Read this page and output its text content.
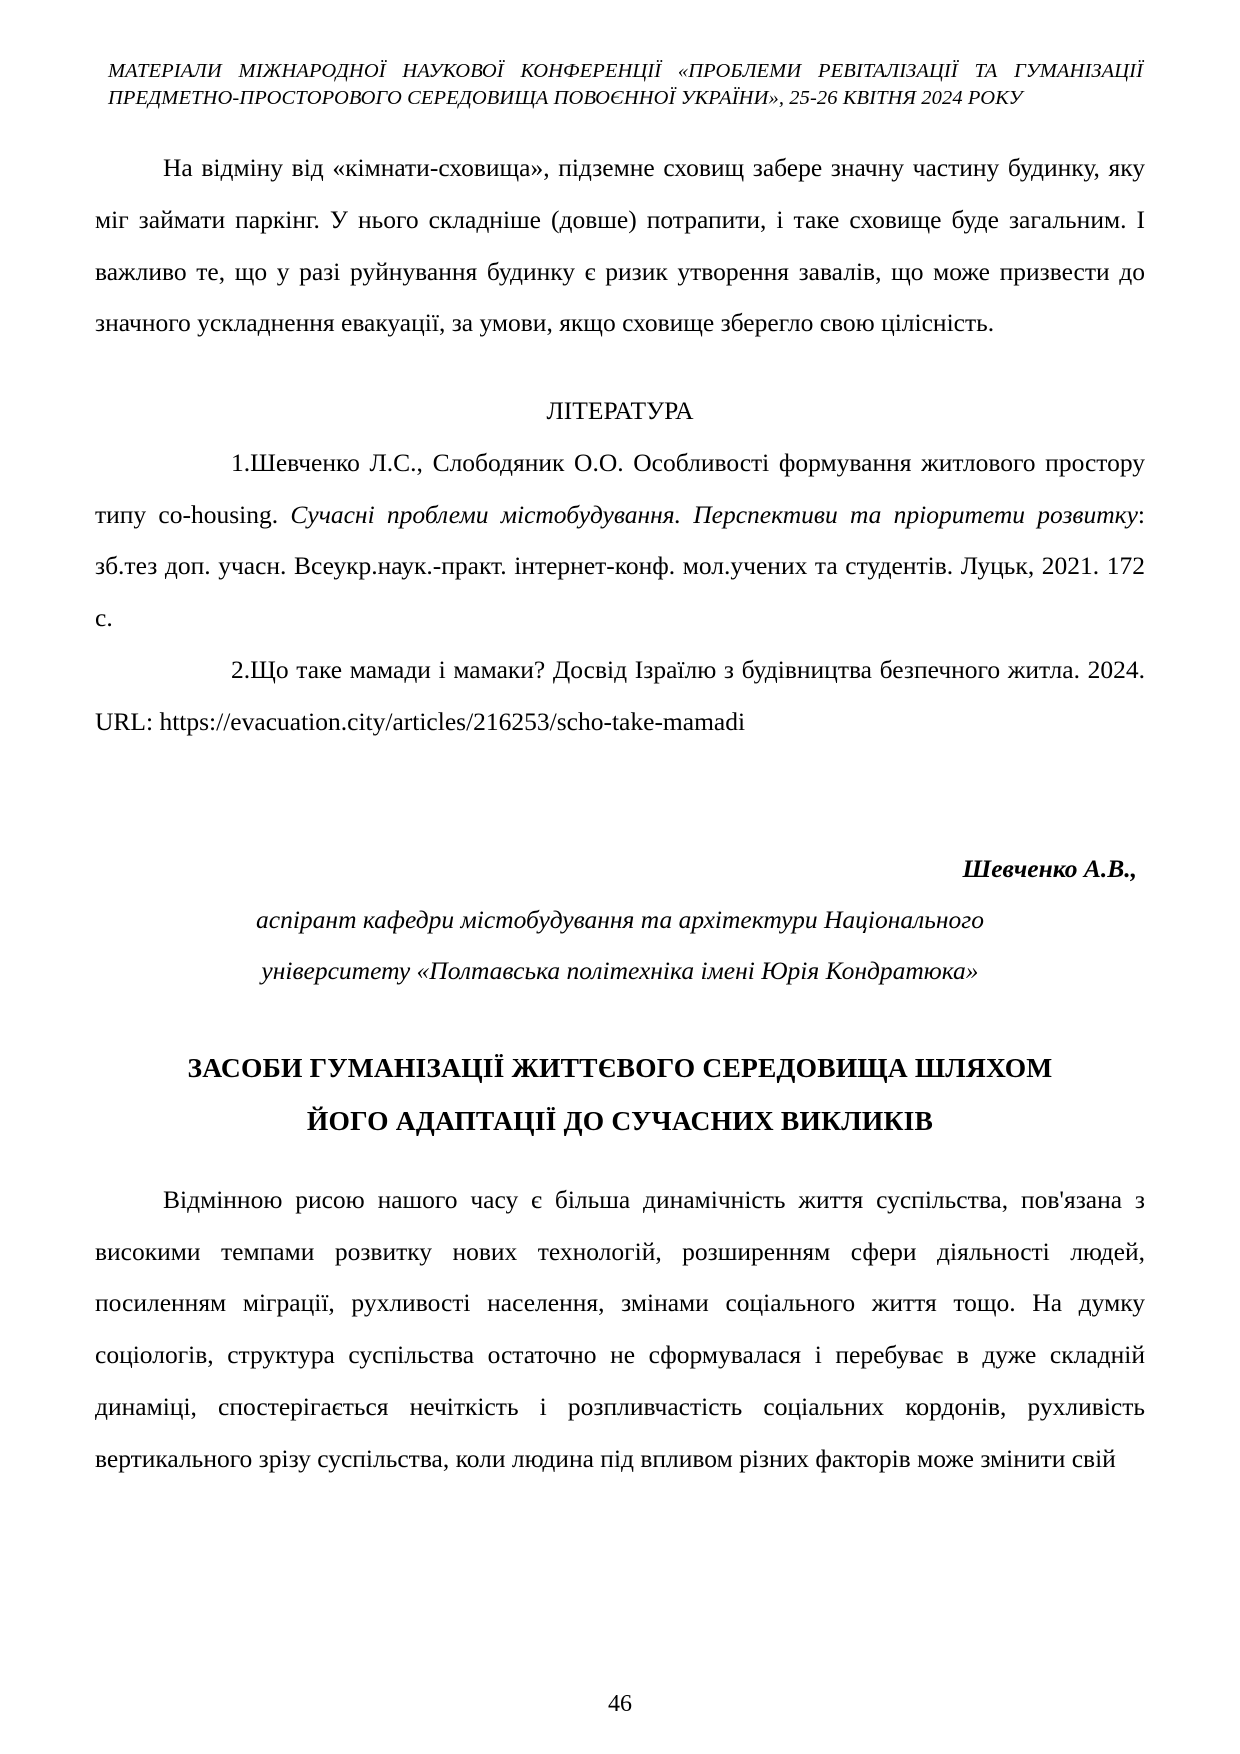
МАТЕРІАЛИ МІЖНАРОДНОЇ НАУКОВОЇ КОНФЕРЕНЦІЇ «ПРОБЛЕМИ РЕВІТАЛІЗАЦІЇ ТА ГУМАНІЗАЦІЇ ПРЕДМЕТНО-ПРОСТОРОВОГО СЕРЕДОВИЩА ПОВОЄННОЇ УКРАЇНИ», 25-26 КВІТНЯ 2024 РОКУ

На відміну від «кімнати-сховища», підземне сховищ забере значну частину будинку, яку міг займати паркінг. У нього складніше (довше) потрапити, і таке сховище буде загальним. І важливо те, що у разі руйнування будинку є ризик утворення завалів, що може призвести до значного ускладнення евакуації, за умови, якщо сховище зберегло свою цілісність.

ЛІТЕРАТУРА

1.Шевченко Л.С., Слободяник О.О. Особливості формування житлового простору типу co-housing. Сучасні проблеми містобудування. Перспективи та пріоритети розвитку: зб.тез доп. учасн. Всеукр.наук.-практ. інтернет-конф. мол.учених та студентів. Луцьк, 2021. 172 с.

2.Що таке мамади і мамаки? Досвід Ізраїлю з будівництва безпечного житла. 2024. URL: https://evacuation.city/articles/216253/scho-take-mamadi

Шевченко А.В.,

аспірант кафедри містобудування та архітектури Національного

університету «Полтавська політехніка імені Юрія Кондратюка»

ЗАСОБИ ГУМАНІЗАЦІЇ ЖИТТЄВОГО СЕРЕДОВИЩА ШЛЯХОМ

ЙОГО АДАПТАЦІЇ ДО СУЧАСНИХ ВИКЛИКІВ

Відмінною рисою нашого часу є більша динамічність життя суспільства, пов'язана з високими темпами розвитку нових технологій, розширенням сфери діяльності людей, посиленням міграції, рухливості населення, змінами соціального життя тощо. На думку соціологів, структура суспільства остаточно не сформувалася і перебуває в дуже складній динаміці, спостерігається нечіткість і розпливчастість соціальних кордонів, рухливість вертикального зрізу суспільства, коли людина під впливом різних факторів може змінити свій

46
